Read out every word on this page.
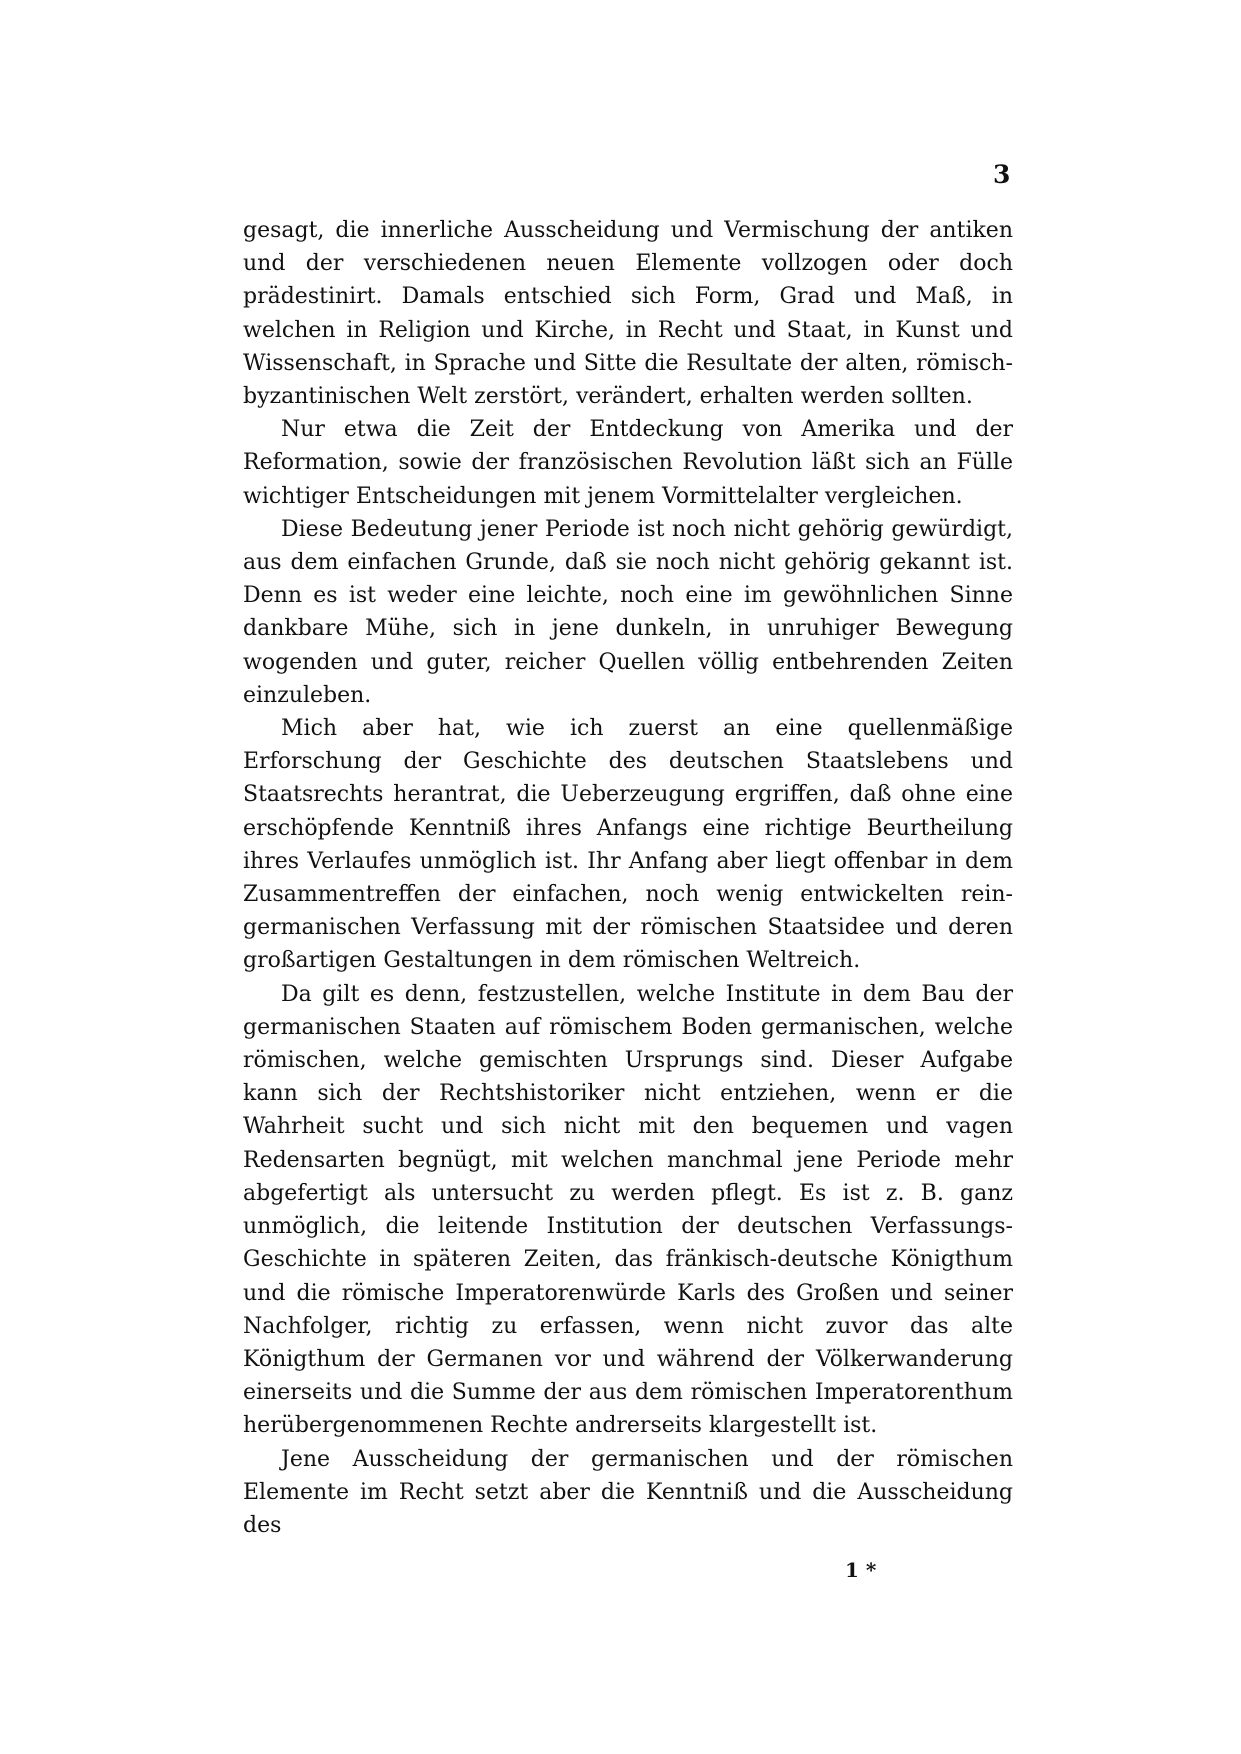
3

gesagt, die innerliche Ausscheidung und Vermischung der antiken und der verschiedenen neuen Elemente vollzogen oder doch prädestinirt. Damals entschied sich Form, Grad und Maß, in welchen in Religion und Kirche, in Recht und Staat, in Kunst und Wissenschaft, in Sprache und Sitte die Resultate der alten, römisch-byzantinischen Welt zerstört, verändert, erhalten werden sollten.

Nur etwa die Zeit der Entdeckung von Amerika und der Reformation, sowie der französischen Revolution läßt sich an Fülle wichtiger Entscheidungen mit jenem Vormittelalter vergleichen.

Diese Bedeutung jener Periode ist noch nicht gehörig gewürdigt, aus dem einfachen Grunde, daß sie noch nicht gehörig gekannt ist. Denn es ist weder eine leichte, noch eine im gewöhnlichen Sinne dankbare Mühe, sich in jene dunkeln, in unruhiger Bewegung wogenden und guter, reicher Quellen völlig entbehrenden Zeiten einzuleben.

Mich aber hat, wie ich zuerst an eine quellenmäßige Erforschung der Geschichte des deutschen Staatslebens und Staatsrechts herantrat, die Ueberzeugung ergriffen, daß ohne eine erschöpfende Kenntniß ihres Anfangs eine richtige Beurtheilung ihres Verlaufes unmöglich ist. Ihr Anfang aber liegt offenbar in dem Zusammentreffen der einfachen, noch wenig entwickelten rein-germanischen Verfassung mit der römischen Staatsidee und deren großartigen Gestaltungen in dem römischen Weltreich.

Da gilt es denn, festzustellen, welche Institute in dem Bau der germanischen Staaten auf römischem Boden germanischen, welche römischen, welche gemischten Ursprungs sind. Dieser Aufgabe kann sich der Rechtshistoriker nicht entziehen, wenn er die Wahrheit sucht und sich nicht mit den bequemen und vagen Redensarten begnügt, mit welchen manchmal jene Periode mehr abgefertigt als untersucht zu werden pflegt. Es ist z. B. ganz unmöglich, die leitende Institution der deutschen Verfassungs-Geschichte in späteren Zeiten, das fränkisch-deutsche Königthum und die römische Imperatorenwürde Karls des Großen und seiner Nachfolger, richtig zu erfassen, wenn nicht zuvor das alte Königthum der Germanen vor und während der Völkerwanderung einerseits und die Summe der aus dem römischen Imperatorenthum herübergenommenen Rechte andrerseits klargestellt ist.

Jene Ausscheidung der germanischen und der römischen Elemente im Recht setzt aber die Kenntniß und die Ausscheidung des

1 *
